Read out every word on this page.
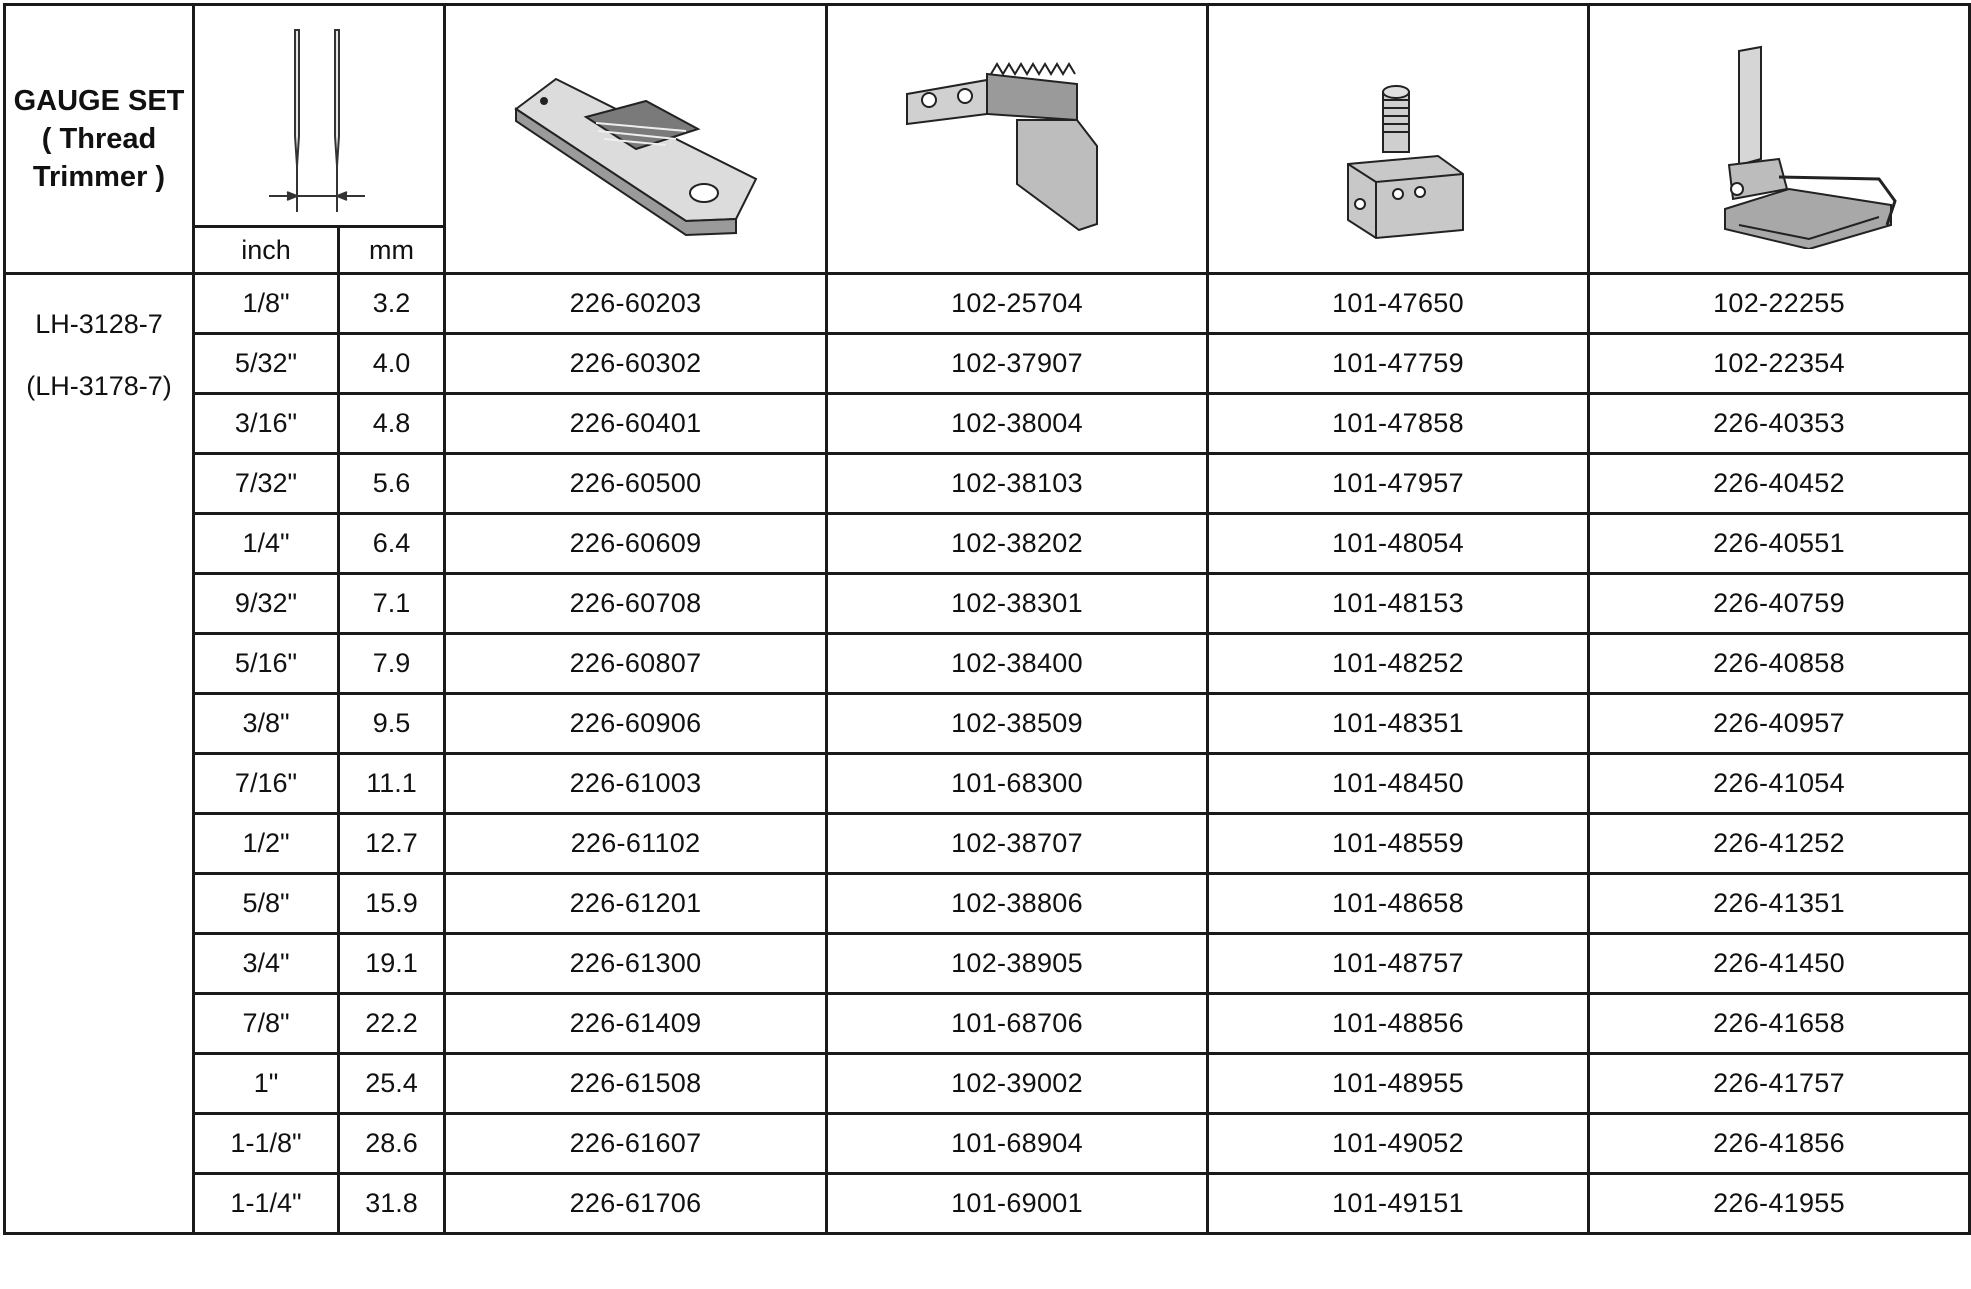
GAUGE SET
( Thread
Trimmer )

	inch	mm				

LH-3128-7
(LH-3178-7)	1/8"	3.2	226-60203	102-25704	101-47650	102-22255
	5/32"	4.0	226-60302	102-37907	101-47759	102-22354
	3/16"	4.8	226-60401	102-38004	101-47858	226-40353
	7/32"	5.6	226-60500	102-38103	101-47957	226-40452
	1/4"	6.4	226-60609	102-38202	101-48054	226-40551
	9/32"	7.1	226-60708	102-38301	101-48153	226-40759
	5/16"	7.9	226-60807	102-38400	101-48252	226-40858
	3/8"	9.5	226-60906	102-38509	101-48351	226-40957
	7/16"	11.1	226-61003	101-68300	101-48450	226-41054
	1/2"	12.7	226-61102	102-38707	101-48559	226-41252
	5/8"	15.9	226-61201	102-38806	101-48658	226-41351
	3/4"	19.1	226-61300	102-38905	101-48757	226-41450
	7/8"	22.2	226-61409	101-68706	101-48856	226-41658
	1"	25.4	226-61508	102-39002	101-48955	226-41757
	1-1/8"	28.6	226-61607	101-68904	101-49052	226-41856
	1-1/4"	31.8	226-61706	101-69001	101-49151	226-41955
